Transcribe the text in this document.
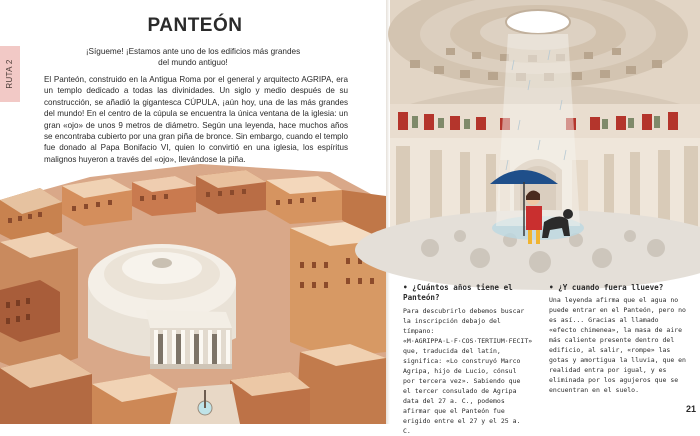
RUTA 2
PANTEÓN
¡Sígueme! ¡Estamos ante uno de los edificios más grandes del mundo antiguo!
El Panteón, construido en la Antigua Roma por el general y arquitecto AGRIPA, era un templo dedicado a todas las divinidades. Un siglo y medio después de su construcción, se añadió la gigantesca CÚPULA, ¡aún hoy, una de las más grandes del mundo! En el centro de la cúpula se encuentra la única ventana de la iglesia: un gran «ojo» de unos 9 metros de diámetro. Según una leyenda, hace muchos años se encontraba cubierto por una gran piña de bronce. Sin embargo, cuando el templo fue donado al Papa Bonifacio VI, quien lo convirtió en una iglesia, los espíritus malignos huyeron a través del «ojo», llevándose la piña.
• ¿Cuántos años tiene el Panteón?
Para descubrirlo debemos buscar la inscripción debajo del tímpano: «M·AGRIPPA·L·F·COS·TERTIUM·FECIT» que, traducida del latín, significa: «Lo construyó Marco Agripa, hijo de Lucio, cónsul por tercera vez». Sabiendo que el tercer consulado de Agripa data del 27 a. C., podemos afirmar que el Panteón fue erigido entre el 27 y el 25 a. C.
• ¿Y cuando fuera llueve?
Una leyenda afirma que el agua no puede entrar en el Panteón, pero no es así... Gracias al llamado «efecto chimenea», la masa de aire más caliente presente dentro del edificio, al salir, «rompe» las gotas y amortigua la lluvia, que en realidad entra por igual, y es eliminada por los agujeros que se encuentran en el suelo.
21
